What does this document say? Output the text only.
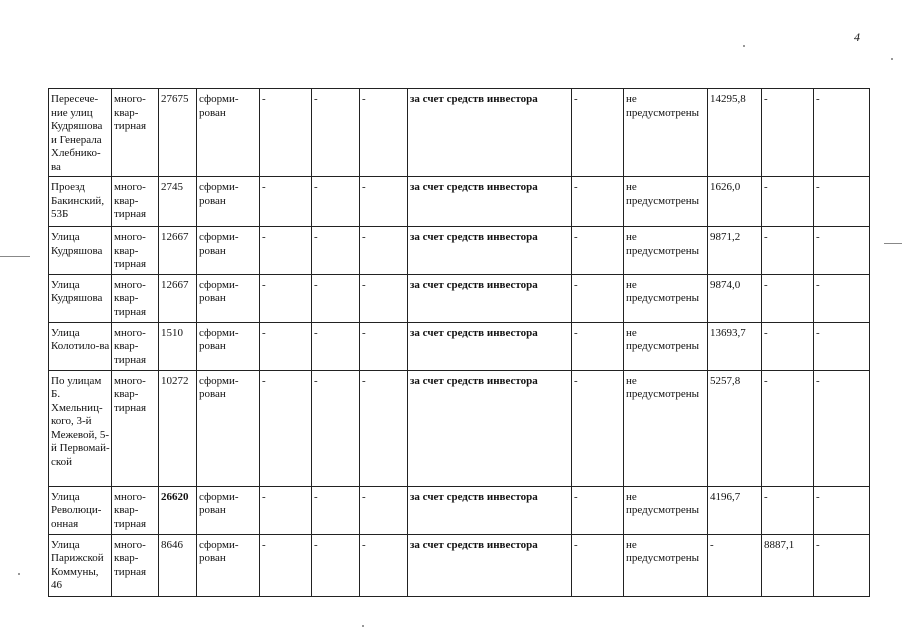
4
Пересече-ние улиц Кудряшова и Генерала Хлебнико-ва	много-квар-тирная	27675	сформи-рован	-	-	-	за счет средств инвестора	-	не предусмотрены	14295,8	-	-
Проезд Бакинский, 53Б	много-квар-тирная	2745	сформи-рован	-	-	-	за счет средств инвестора	-	не предусмотрены	1626,0	-	-
Улица Кудряшова	много-квар-тирная	12667	сформи-рован	-	-	-	за счет средств инвестора	-	не предусмотрены	9871,2	-	-
Улица Кудряшова	много-квар-тирная	12667	сформи-рован	-	-	-	за счет средств инвестора	-	не предусмотрены	9874,0	-	-
Улица Колотило-ва	много-квар-тирная	1510	сформи-рован	-	-	-	за счет средств инвестора	-	не предусмотрены	13693,7	-	-
По улицам Б. Хмельниц-кого, 3-й Межевой, 5-й Первомай-ской	много-квар-тирная	10272	сформи-рован	-	-	-	за счет средств инвестора	-	не предусмотрены	5257,8	-	-
Улица Революци-онная	много-квар-тирная	26620	сформи-рован	-	-	-	за счет средств инвестора	-	не предусмотрены	4196,7	-	-
Улица Парижской Коммуны, 46	много-квар-тирная	8646	сформи-рован	-	-	-	за счет средств инвестора	-	не предусмотрены	-	8887,1	-
